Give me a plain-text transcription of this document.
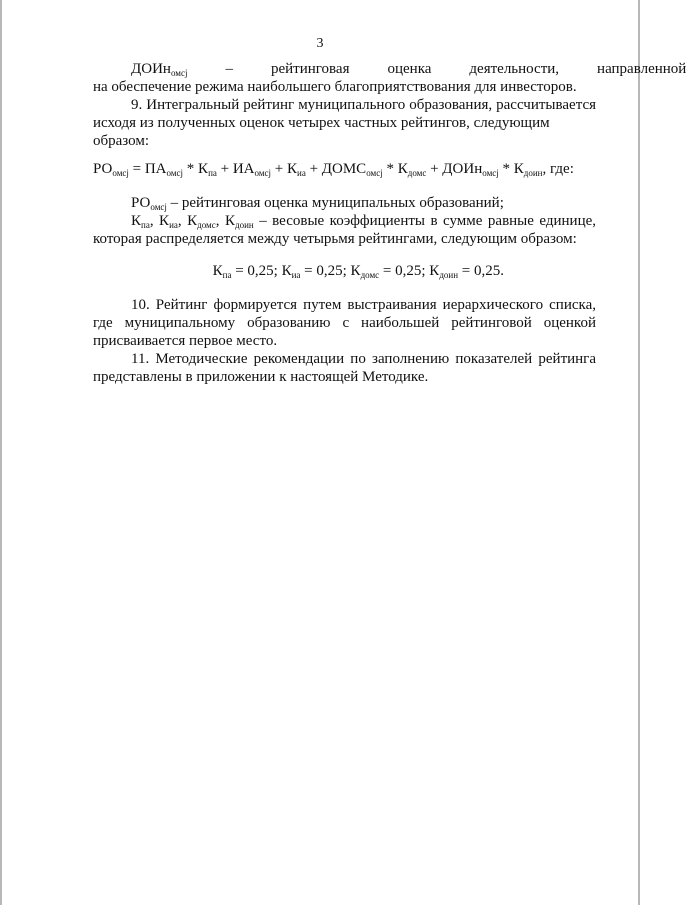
3
ДОИн$_{омсj}$	–	рейтинговая	оценка	деятельности,	направленной

на обеспечение режима наибольшего благоприятствования для инвесторов.

9. Интегральный рейтинг муниципального образования, рассчитывается

исходя из полученных оценок четырех частных рейтингов, следующим образом:

$РО_{омсj} = ПА_{омсj} * К_{па} + ИА_{омсj} + К_{иа}$ + $ДОМС_{омсj} * К_{домс}$ + ДОИн$_{омсj}$ * $К_{доин}$, где:

$РО_{омсj}$ – рейтинговая оценка муниципальных образований;

$К_{па}$, $К_{иа}$, $К_{домс}$, $К_{доин}$ – весовые коэффициенты в сумме равные единице,

которая распределяется между четырьмя рейтингами, следующим образом:

$К_{па} = 0,25$; $К_{иа} = 0,25$; $К_{домс} = 0,25$; $К_{доин} = 0,25$.

10. Рейтинг формируется путем выстраивания иерархического списка,

где муниципальному образованию с наибольшей рейтинговой оценкой

присваивается первое место.

11. Методические рекомендации по заполнению показателей рейтинга

представлены в приложении к настоящей Методике.
